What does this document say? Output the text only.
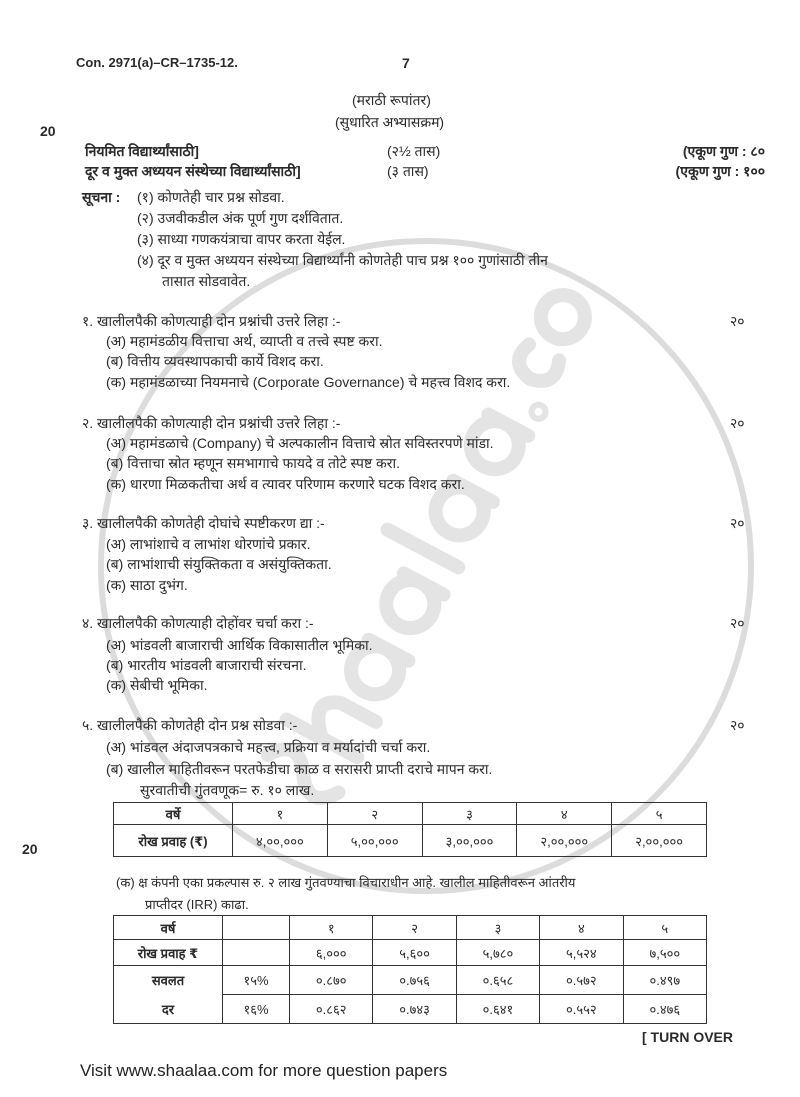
Con. 2971(a)–CR–1735-12.	7
(मराठी रूपांतर)
(सुधारित अभ्यासक्रम)
20
नियमित विद्यार्थ्यांसाठी]	(२½ तास)	(एकूण गुण : ८०
दूर व मुक्त अध्ययन संस्थेच्या विद्यार्थ्यांसाठी]	(३ तास)	(एकूण गुण : १००
सूचना : (१) कोणतेही चार प्रश्न सोडवा.
(२) उजवीकडील अंक पूर्ण गुण दर्शवितात.
(३) साध्या गणकयंत्राचा वापर करता येईल.
(४) दूर व मुक्त अध्ययन संस्थेच्या विद्यार्थ्यांनी कोणतेही पाच प्रश्न १०० गुणांसाठी तीन
तासात सोडवावेत.
१. खालीलपैकी कोणत्याही दोन प्रश्नांची उत्तरे लिहा :-	२०
(अ) महामंडळीय वित्ताचा अर्थ, व्याप्ती व तत्त्वे स्पष्ट करा.
(ब) वित्तीय व्यवस्थापकाची कार्ये विशद करा.
(क) महामंडळाच्या नियमनाचे (Corporate Governance) चे महत्त्व विशद करा.
२. खालीलपैकी कोणत्याही दोन प्रश्नांची उत्तरे लिहा :-	२०
(अ) महामंडळाचे (Company) चे अल्पकालीन वित्ताचे स्रोत सविस्तरपणे मांडा.
(ब) वित्ताचा स्रोत म्हणून समभागाचे फायदे व तोटे स्पष्ट करा.
(क) धारणा मिळकतीचा अर्थ व त्यावर परिणाम करणारे घटक विशद करा.
३. खालीलपैकी कोणतेही दोघांचे स्पष्टीकरण द्या :-	२०
(अ) लाभांशाचे व लाभांश धोरणांचे प्रकार.
(ब) लाभांशाची संयुक्तिकता व असंयुक्तिकता.
(क) साठा दुभंग.
४. खालीलपैकी कोणत्याही दोहोंवर चर्चा करा :-	२०
(अ) भांडवली बाजाराची आर्थिक विकासातील भूमिका.
(ब) भारतीय भांडवली बाजाराची संरचना.
(क) सेबीची भूमिका.
५. खालीलपैकी कोणतेही दोन प्रश्न सोडवा :-	२०
(अ) भांडवल अंदाजपत्रकाचे महत्त्व, प्रक्रिया व मर्यादांची चर्चा करा.
(ब) खालील माहितीवरून परतफेडीचा काळ व सरासरी प्राप्ती दराचे मापन करा.
सुरवातीची गुंतवणूक= रु. १० लाख.
वर्षे	१	२	३	४	५
रोख प्रवाह (₹)	४,००,०००	५,००,०००	३,००,०००	२,००,०००	२,००,०००
20
(क) क्ष कंपनी एका प्रकल्पास रु. २ लाख गुंतवण्याचा विचाराधीन आहे. खालील माहितीवरून आंतरीय
प्राप्तीदर (IRR) काढा.
वर्ष		१	२	३	४	५
रोख प्रवाह ₹		६,०००	५,६००	५,७८०	५,५२४	७,५००
सवलत	१५%	०.८७०	०.७५६	०.६५८	०.५७२	०.४९७
दर	१६%	०.८६२	०.७४३	०.६४१	०.५५२	०.४७६
[ TURN OVER
Visit www.shaalaa.com for more question papers
